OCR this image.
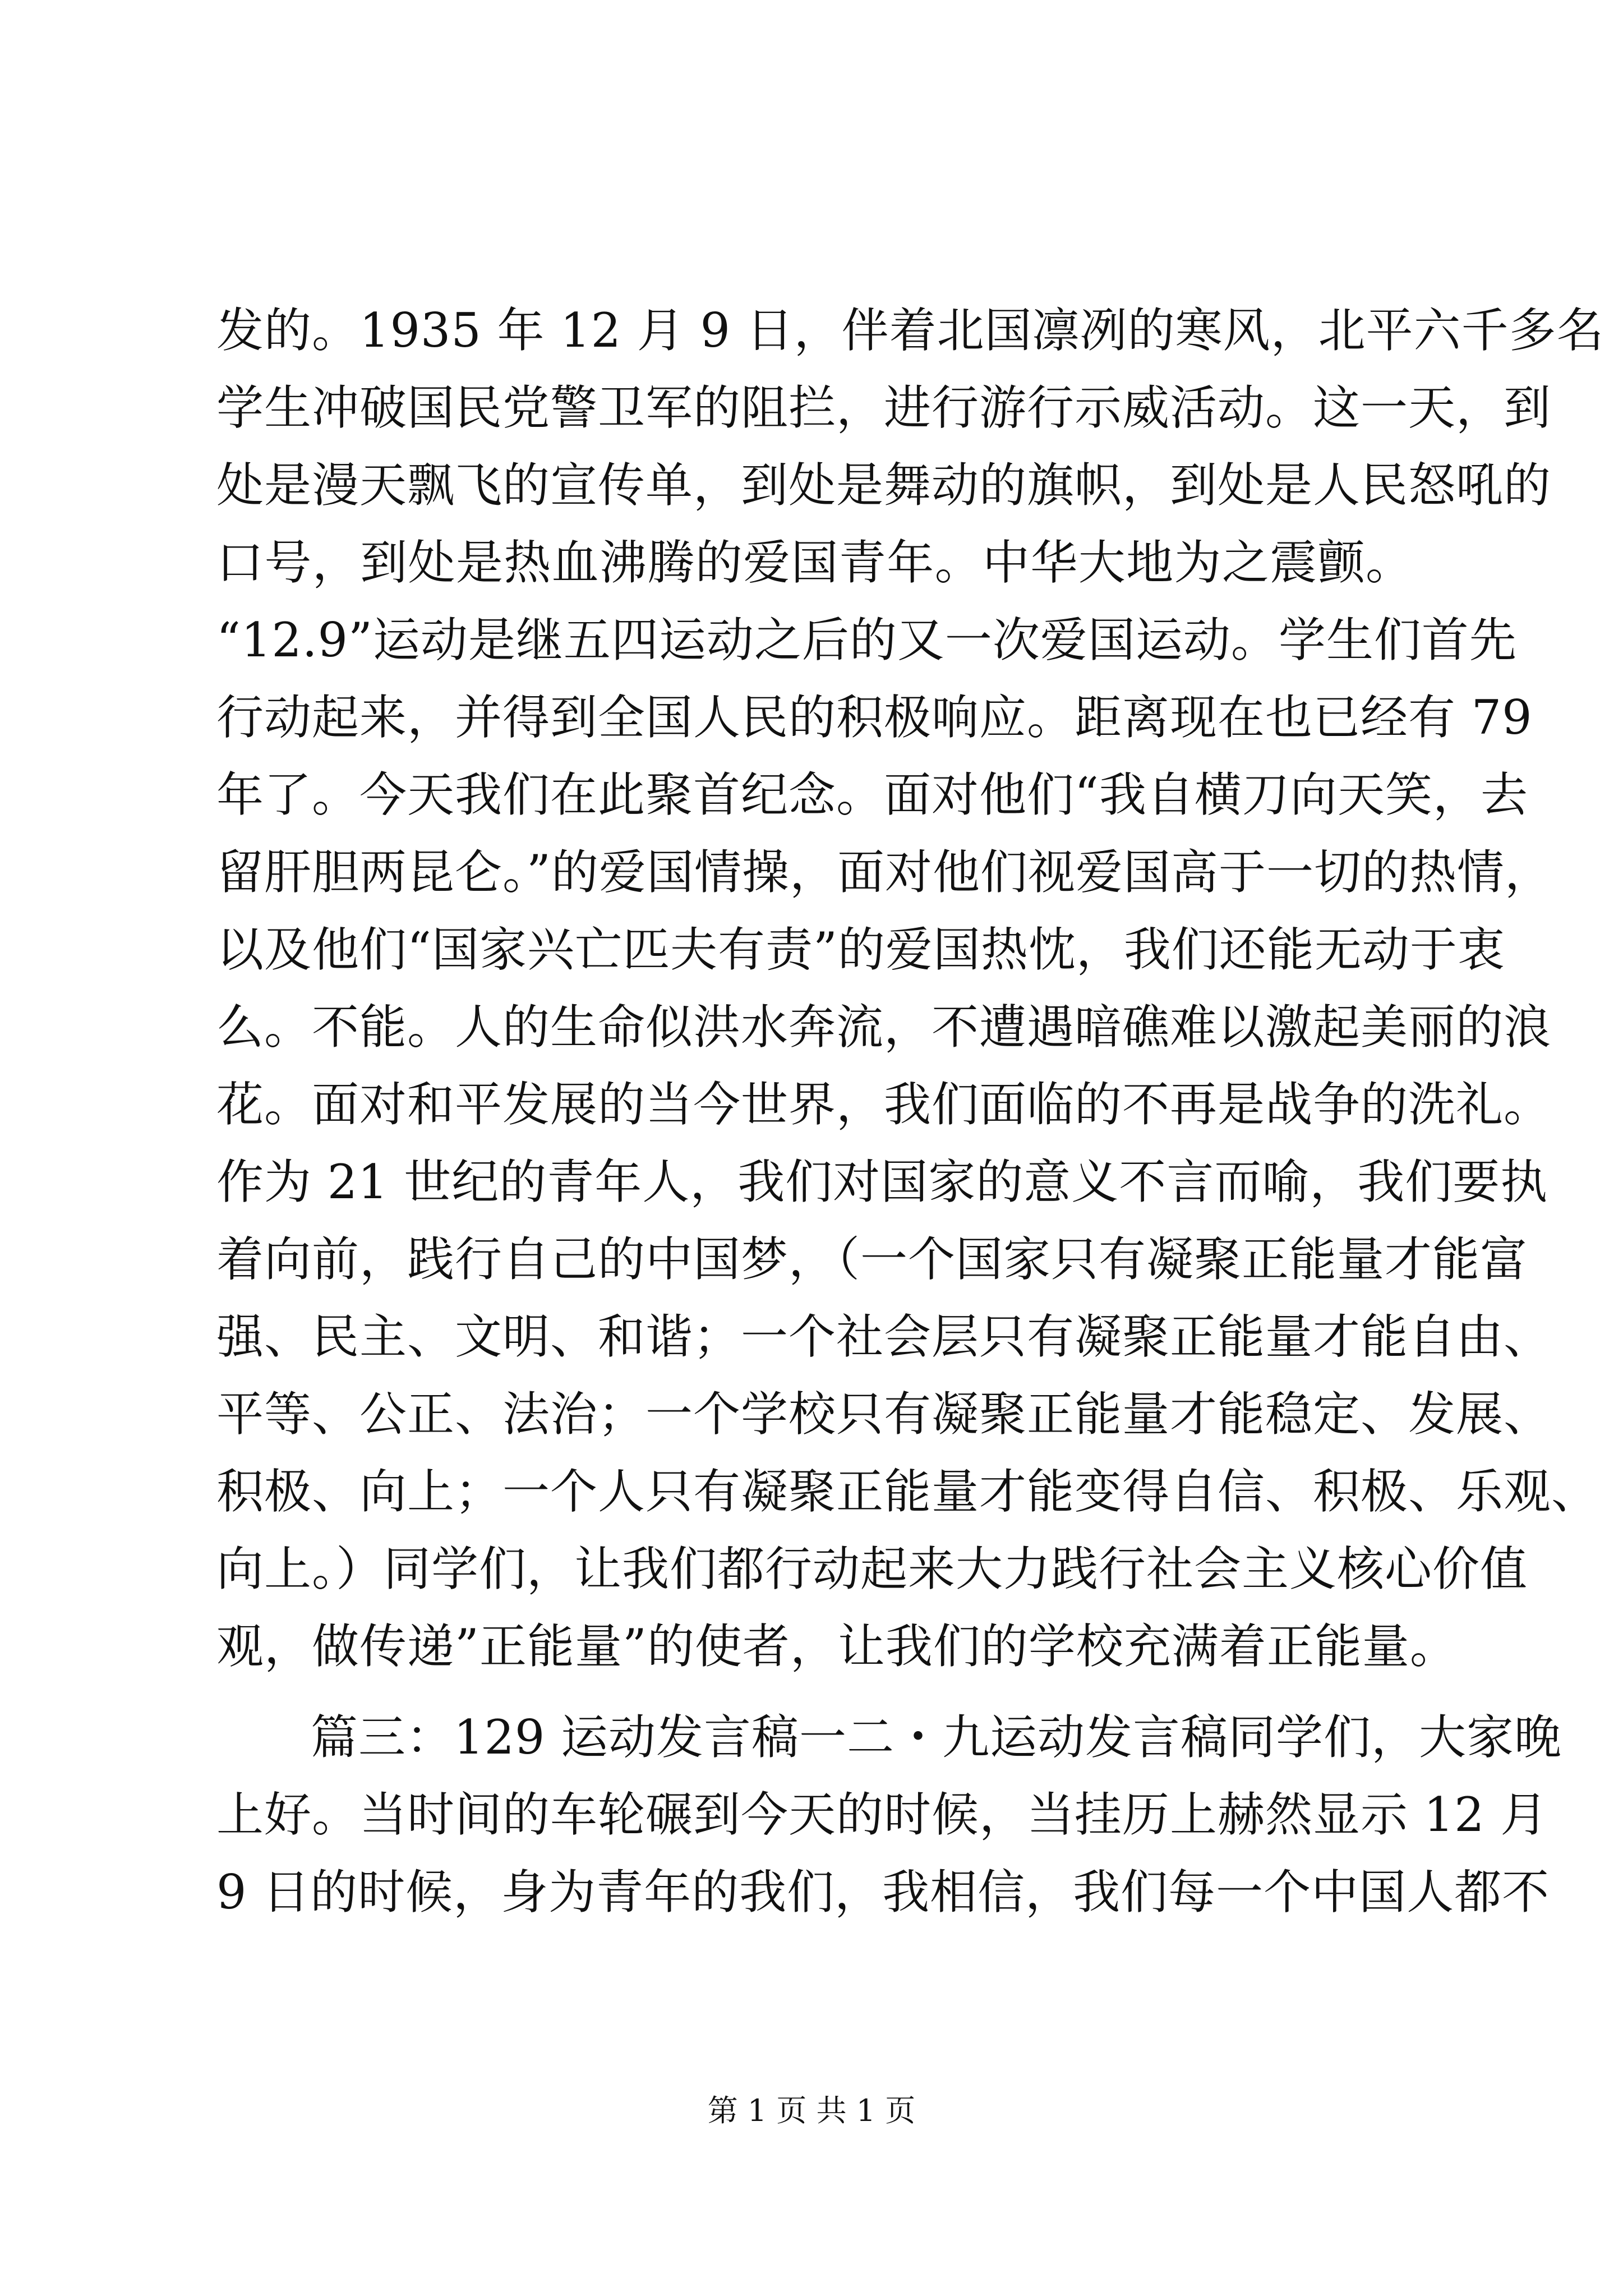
发的。1935 年 12 月 9 日，伴着北国凛冽的寒风，北平六千多名
学生冲破国民党警卫军的阻拦，进行游行示威活动。这一天，到
处是漫天飘飞的宣传单，到处是舞动的旗帜，到处是人民怒吼的
口号，到处是热血沸腾的爱国青年。中华大地为之震颤。
“12.9”运动是继五四运动之后的又一次爱国运动。学生们首先
行动起来，并得到全国人民的积极响应。距离现在也已经有 79
年了。今天我们在此聚首纪念。面对他们“我自横刀向天笑，去
留肝胆两昆仑。”的爱国情操，面对他们视爱国高于一切的热情，
以及他们“国家兴亡匹夫有责”的爱国热忱，我们还能无动于衷
么。不能。人的生命似洪水奔流，不遭遇暗礁难以激起美丽的浪
花。面对和平发展的当今世界，我们面临的不再是战争的洗礼。
作为 21 世纪的青年人，我们对国家的意义不言而喻，我们要执
着向前，践行自己的中国梦，（一个国家只有凝聚正能量才能富
强、民主、文明、和谐；一个社会层只有凝聚正能量才能自由、
平等、公正、法治；一个学校只有凝聚正能量才能稳定、发展、
积极、向上；一个人只有凝聚正能量才能变得自信、积极、乐观、
向上。）同学们，让我们都行动起来大力践行社会主义核心价值
观，做传递”正能量”的使者，让我们的学校充满着正能量。
篇三：129 运动发言稿一二・九运动发言稿同学们，大家晚
上好。当时间的车轮碾到今天的时候，当挂历上赫然显示 12 月
9 日的时候，身为青年的我们，我相信，我们每一个中国人都不
第 1 页 共 1 页
